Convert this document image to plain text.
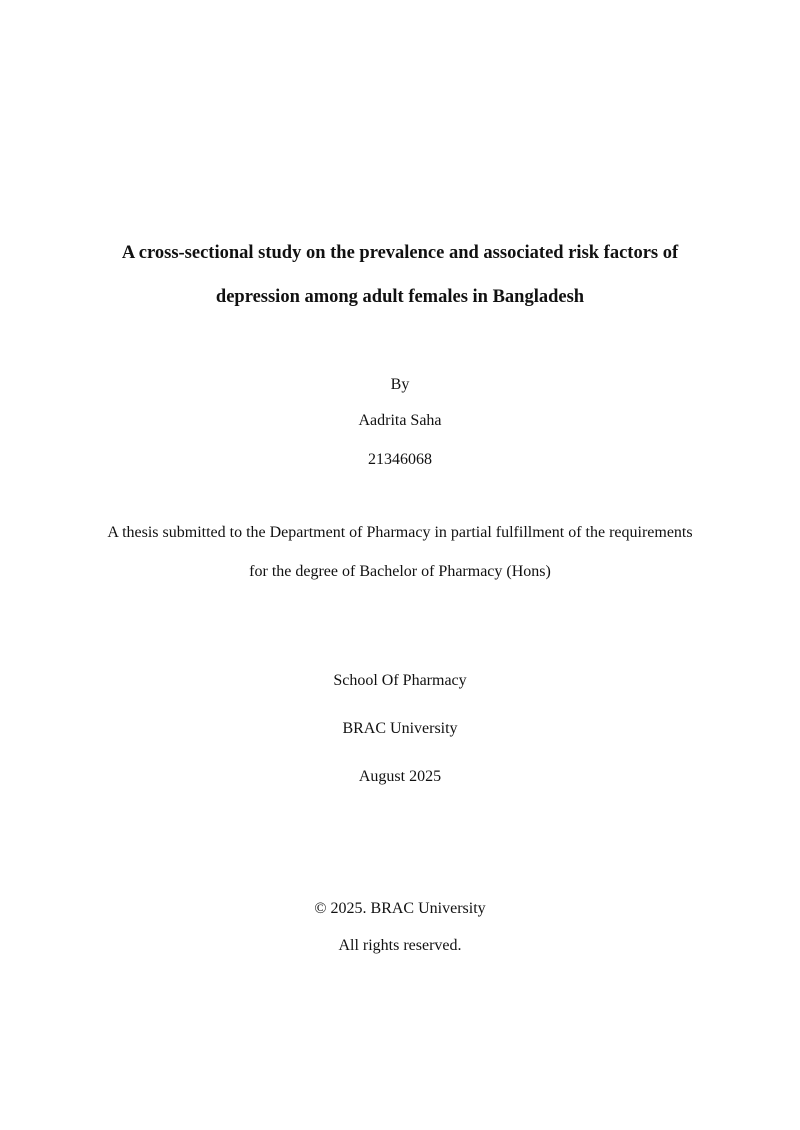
A cross-sectional study on the prevalence and associated risk factors of
depression among adult females in Bangladesh
By
Aadrita Saha
21346068
A thesis submitted to the Department of Pharmacy in partial fulfillment of the requirements
for the degree of Bachelor of Pharmacy (Hons)
School Of Pharmacy
BRAC University
August 2025
© 2025. BRAC University
All rights reserved.
